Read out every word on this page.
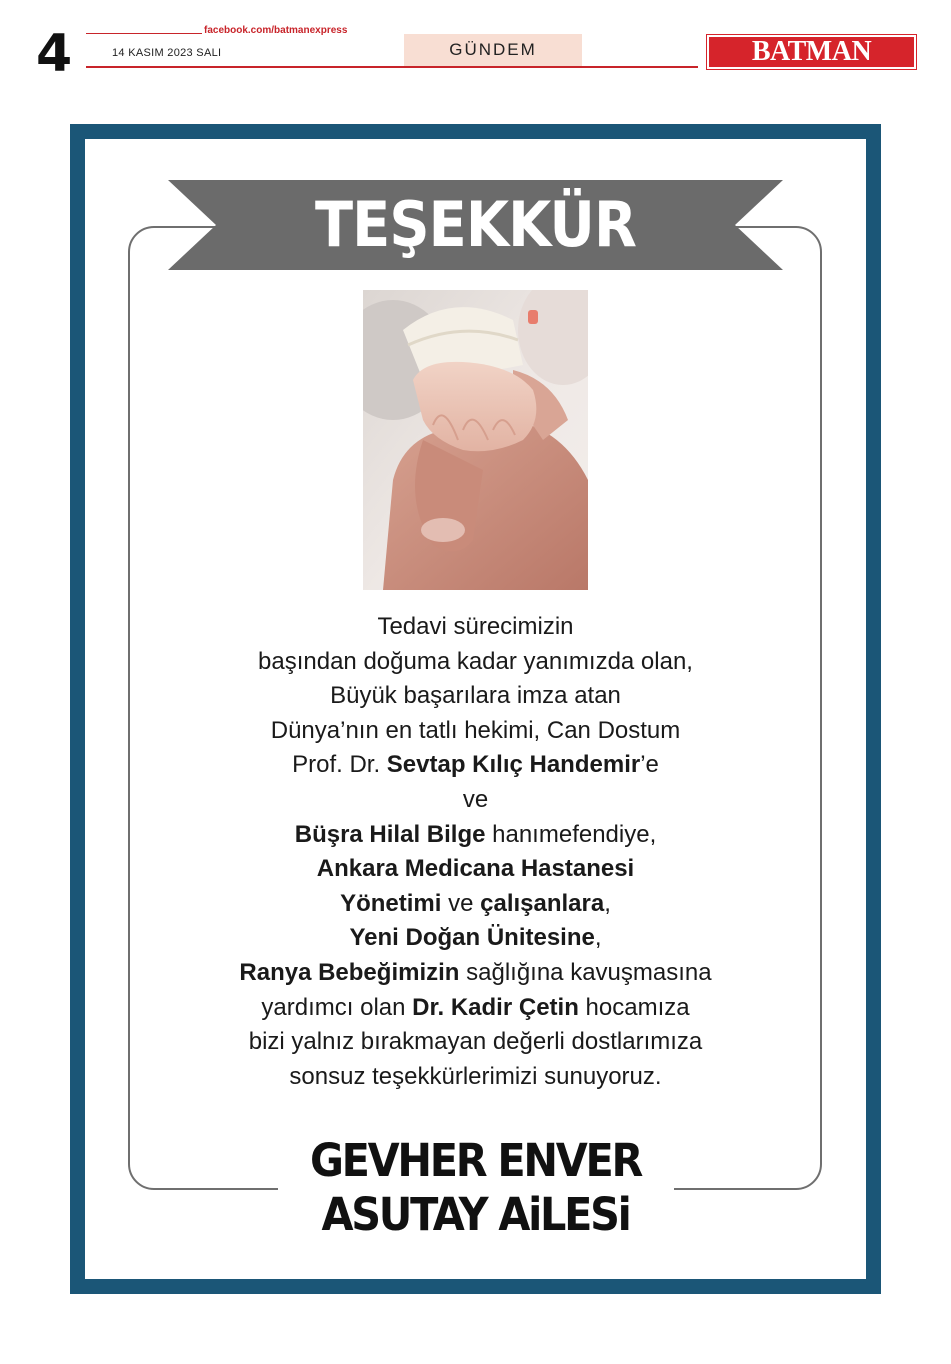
4	facebook.com/batmanexpress
14 KASIM 2023 SALI	GÜNDEM	BATMAN EXPRESS
TEŞEKKÜR
Tedavi sürecimizin
başından doğuma kadar yanımızda olan,
Büyük başarılara imza atan
Dünya’nın en tatlı hekimi, Can Dostum
Prof. Dr. Sevtap Kılıç Handemir’e
ve
Büşra Hilal Bilge hanımefendiye,
Ankara Medicana Hastanesi
Yönetimi ve çalışanlara,
Yeni Doğan Ünitesine,
Ranya Bebeğimizin sağlığına kavuşmasına
yardımcı olan Dr. Kadir Çetin hocamıza
bizi yalnız bırakmayan değerli dostlarımıza
sonsuz teşekkürlerimizi sunuyoruz.
GEVHER ENVER
ASUTAY AiLESi
